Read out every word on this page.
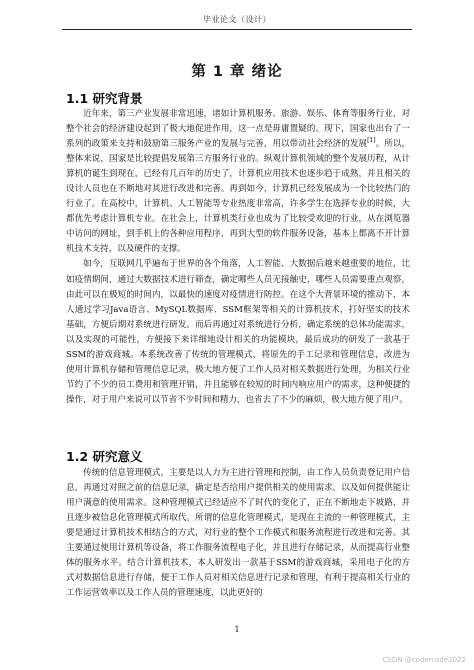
毕业论文（设计）
第 1 章 绪论
1.1 研究背景

近年来，第三产业发展非常迅速，诸如计算机服务、旅游、娱乐、体育等服务行业，对整个社会的经济建设起到了极大地促进作用，这一点是毋庸置疑的。现下，国家也出台了一系列的政策来支持和鼓励第三服务产业的发展与完善，用以带动社会经济的发展[1]。所以，整体来说，国家是比较提倡发展第三方服务行业的。纵观计算机领域的整个发展历程，从计算机的诞生到现在，已经有几百年的历史了，计算机应用技术也逐步趋于成熟，并且相关的设计人员也在不断地对其进行改进和完善。再到如今，计算机已经发展成为一个比较热门的行业了。在高校中，计算机、人工智能等专业热度非常高，许多学生在选择专业的时候，大都优先考虑计算机专业。在社会上，计算机类行业也成为了比较受欢迎的行业，从在浏览器中访问的网址，到手机上的各种应用程序，再到大型的软件服务设备，基本上都离不开计算机技术支持，以及硬件的支撑。

如今，互联网几乎遍布于世界的各个角落，人工智能、大数据后越来越重要的地位，比如疫情期间，通过大数据技术进行筛查，确定哪些人员无接触史，哪些人员需要重点观察，由此可以在极短的时间内，以最快的速度对疫情进行防控。在这个大背景环境的推动下，本人通过学习Java语言、MySQL数据库、SSM框架等相关的计算机技术，打好坚实的技术基础，方便后期对系统进行研发。而后再通过对系统进行分析，确定系统的总体功能需求，以及实现的可能性，方便接下来详细地设计相关的功能模块，最后成功的研发了一款基于SSM的游戏商城。本系统改善了传统的管理模式，将原先的手工记录和管理信息，改进为使用计算机存储和管理信息记录，极大地方便了工作人员对相关数据进行处理，为相关行业节约了不少的员工费用和管理开销，并且能够在较短的时间内响应用户的需求，这种便捷的操作，对于用户来说可以节省不少时间和精力，也省去了不少的麻烦，极大地方便了用户。

1.2 研究意义

传统的信息管理模式，主要是以人力为主进行管理和控制，由工作人员负责登记用户信息，再通过对照之前的信息记录，确定是否给用户提供相关的使用需求，以及如何提供能让用户满意的使用需求。这种管理模式已经适应不了时代的变化了，正在不断地走下坡路，并且逐步被信息化管理模式所取代。所谓的信息化管理模式，是现在主流的一种管理模式，主要是通过计算机技术相结合的方式，对行业的整个工作模式和服务流程进行改进和完善。其主要通过使用计算机等设备，将工作服务流程电子化，并且进行存储记录，从而提高行业整体的服务水平。结合计算机技术，本人研发出一款基于SSM的游戏商城，采用电子化的方式对数据信息进行存储，便于工作人员对相关信息进行记录和管理，有利于提高相关行业的工作运营效率以及工作人员的管理速度，以此更好的

1
CSDN @codercode2022
